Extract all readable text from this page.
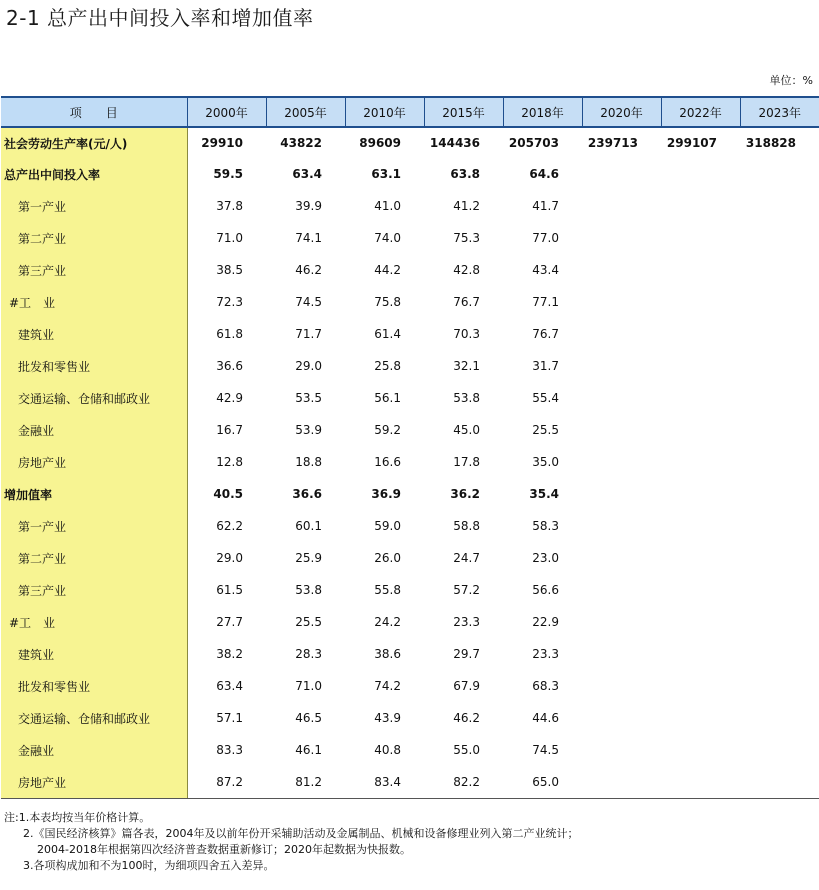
2-1 总产出中间投入率和增加值率
单位：%
项　　目	2000年	2005年	2010年	2015年	2018年	2020年	2022年	2023年
社会劳动生产率(元/人)	29910	43822	89609	144436	205703	239713	299107	318828
总产出中间投入率	59.5	63.4	63.1	63.8	64.6			
第一产业	37.8	39.9	41.0	41.2	41.7			
第二产业	71.0	74.1	74.0	75.3	77.0			
第三产业	38.5	46.2	44.2	42.8	43.4			
#工　业	72.3	74.5	75.8	76.7	77.1			
建筑业	61.8	71.7	61.4	70.3	76.7			
批发和零售业	36.6	29.0	25.8	32.1	31.7			
交通运输、仓储和邮政业	42.9	53.5	56.1	53.8	55.4			
金融业	16.7	53.9	59.2	45.0	25.5			
房地产业	12.8	18.8	16.6	17.8	35.0			
增加值率	40.5	36.6	36.9	36.2	35.4			
第一产业	62.2	60.1	59.0	58.8	58.3			
第二产业	29.0	25.9	26.0	24.7	23.0			
第三产业	61.5	53.8	55.8	57.2	56.6			
#工　业	27.7	25.5	24.2	23.3	22.9			
建筑业	38.2	28.3	38.6	29.7	23.3			
批发和零售业	63.4	71.0	74.2	67.9	68.3			
交通运输、仓储和邮政业	57.1	46.5	43.9	46.2	44.6			
金融业	83.3	46.1	40.8	55.0	74.5			
房地产业	87.2	81.2	83.4	82.2	65.0			
注:1.本表均按当年价格计算。
2.《国民经济核算》篇各表，2004年及以前年份开采辅助活动及金属制品、机械和设备修理业列入第二产业统计；
2004-2018年根据第四次经济普查数据重新修订；2020年起数据为快报数。
3.各项构成加和不为100时，为细项四舍五入差异。
